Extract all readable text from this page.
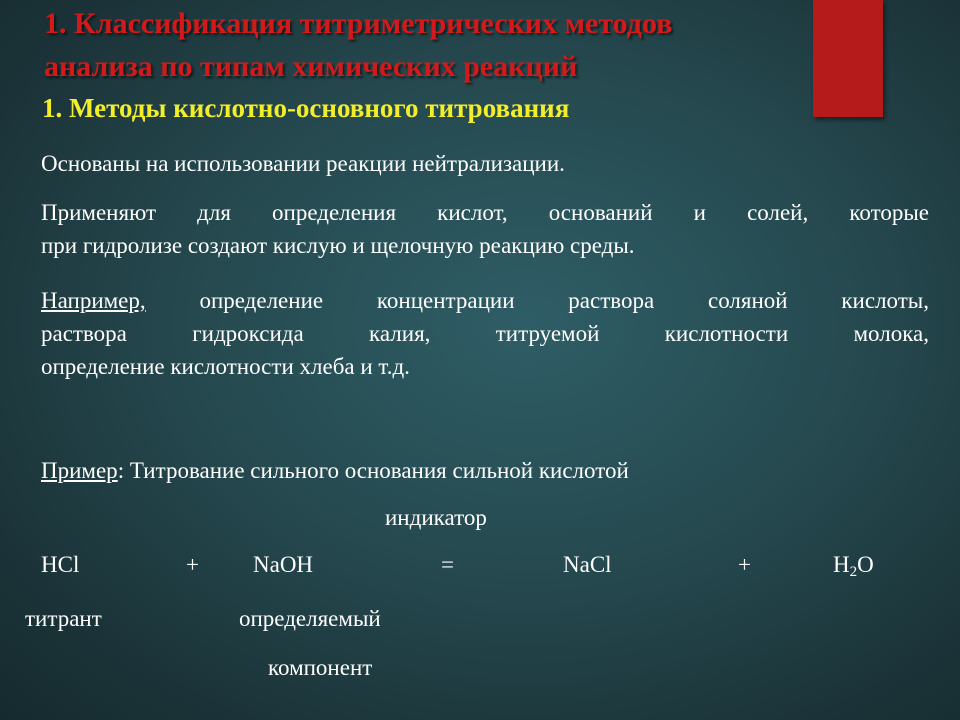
1. Классификация титриметрических методов
анализа по типам химических реакций
1. Методы кислотно-основного титрования
Основаны на использовании реакции нейтрализации.
Применяют для определения кислот, оснований и солей, которые
при гидролизе создают кислую и щелочную реакцию среды.
Например, определение концентрации раствора соляной кислоты,
раствора гидроксида калия, титруемой кислотности молока,
определение кислотности хлеба и т.д.
Пример: Титрование сильного основания сильной кислотой
индикатор
HCl	+ NaOH	=	NaCl	+	$H_2O$
титрант	определяемый
компонент
